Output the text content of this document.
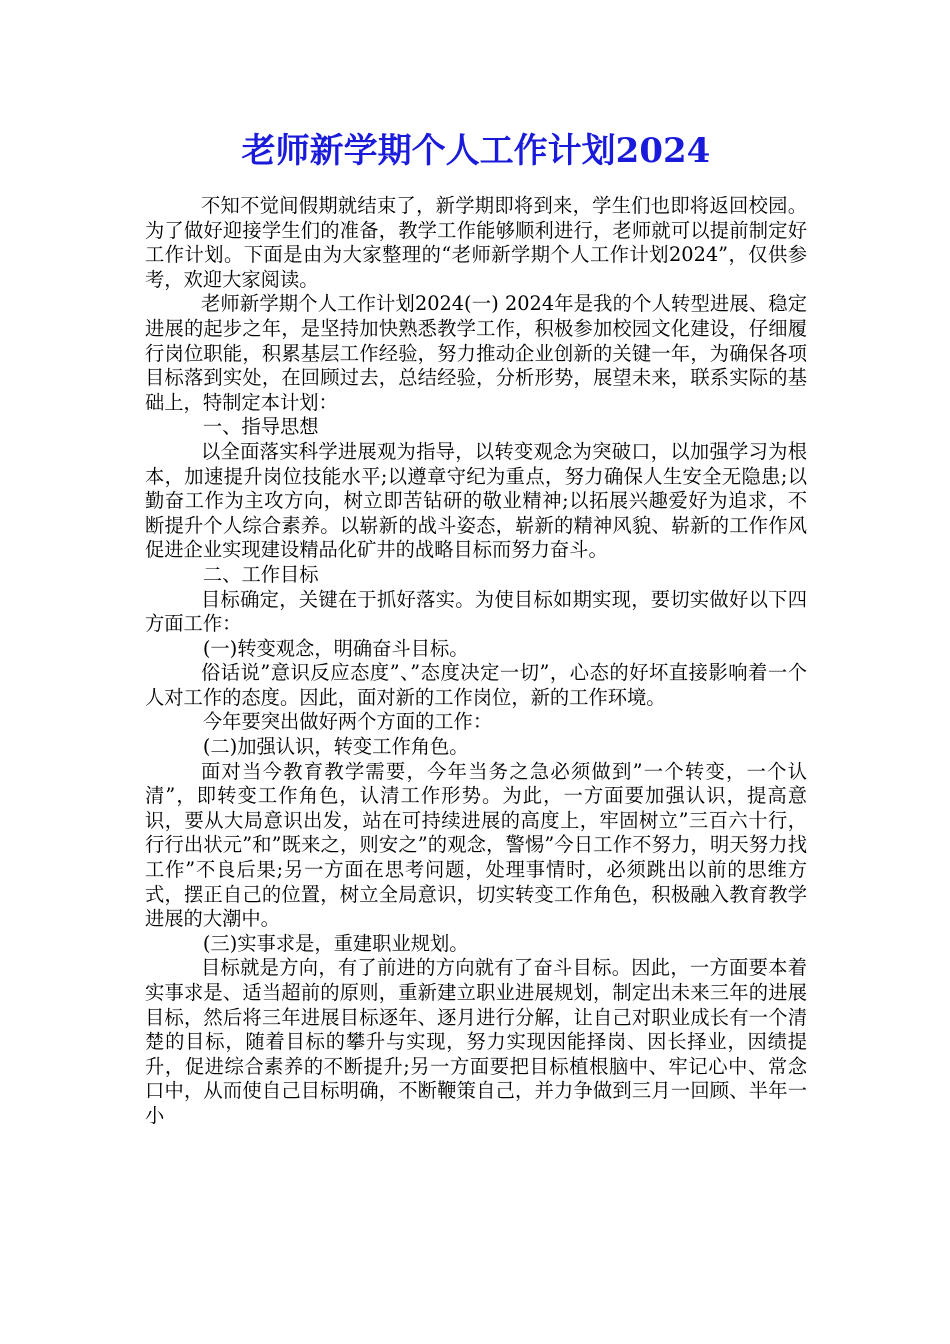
老师新学期个人工作计划2024

不知不觉间假期就结束了，新学期即将到来，学生们也即将返回校园。为了做好迎接学生们的准备，教学工作能够顺利进行，老师就可以提前制定好工作计划。下面是由为大家整理的“老师新学期个人工作计划2024”，仅供参考，欢迎大家阅读。

老师新学期个人工作计划2024(一) 2024年是我的个人转型进展、稳定进展的起步之年，是坚持加快熟悉教学工作，积极参加校园文化建设，仔细履行岗位职能，积累基层工作经验，努力推动企业创新的关键一年，为确保各项目标落到实处，在回顾过去，总结经验，分析形势，展望未来，联系实际的基础上，特制定本计划：

一、指导思想

以全面落实科学进展观为指导，以转变观念为突破口，以加强学习为根本，加速提升岗位技能水平;以遵章守纪为重点，努力确保人生安全无隐患;以勤奋工作为主攻方向，树立即苦钻研的敬业精神;以拓展兴趣爱好为追求，不断提升个人综合素养。以崭新的战斗姿态，崭新的精神风貌、崭新的工作作风促进企业实现建设精品化矿井的战略目标而努力奋斗。

二、工作目标

目标确定，关键在于抓好落实。为使目标如期实现，要切实做好以下四方面工作：

(一)转变观念，明确奋斗目标。

俗话说”意识反应态度”、”态度决定一切”，心态的好坏直接影响着一个人对工作的态度。因此，面对新的工作岗位，新的工作环境。

今年要突出做好两个方面的工作：

(二)加强认识，转变工作角色。

面对当今教育教学需要，今年当务之急必须做到”一个转变，一个认清”，即转变工作角色，认清工作形势。为此，一方面要加强认识，提高意识，要从大局意识出发，站在可持续进展的高度上，牢固树立”三百六十行，行行出状元”和”既来之，则安之”的观念，警惕”今日工作不努力，明天努力找工作”不良后果;另一方面在思考问题，处理事情时，必须跳出以前的思维方式，摆正自己的位置，树立全局意识，切实转变工作角色，积极融入教育教学进展的大潮中。

(三)实事求是，重建职业规划。

目标就是方向，有了前进的方向就有了奋斗目标。因此，一方面要本着实事求是、适当超前的原则，重新建立职业进展规划，制定出未来三年的进展目标，然后将三年进展目标逐年、逐月进行分解，让自己对职业成长有一个清楚的目标，随着目标的攀升与实现，努力实现因能择岗、因长择业，因绩提升，促进综合素养的不断提升;另一方面要把目标植根脑中、牢记心中、常念口中，从而使自己目标明确，不断鞭策自己，并力争做到三月一回顾、半年一小
